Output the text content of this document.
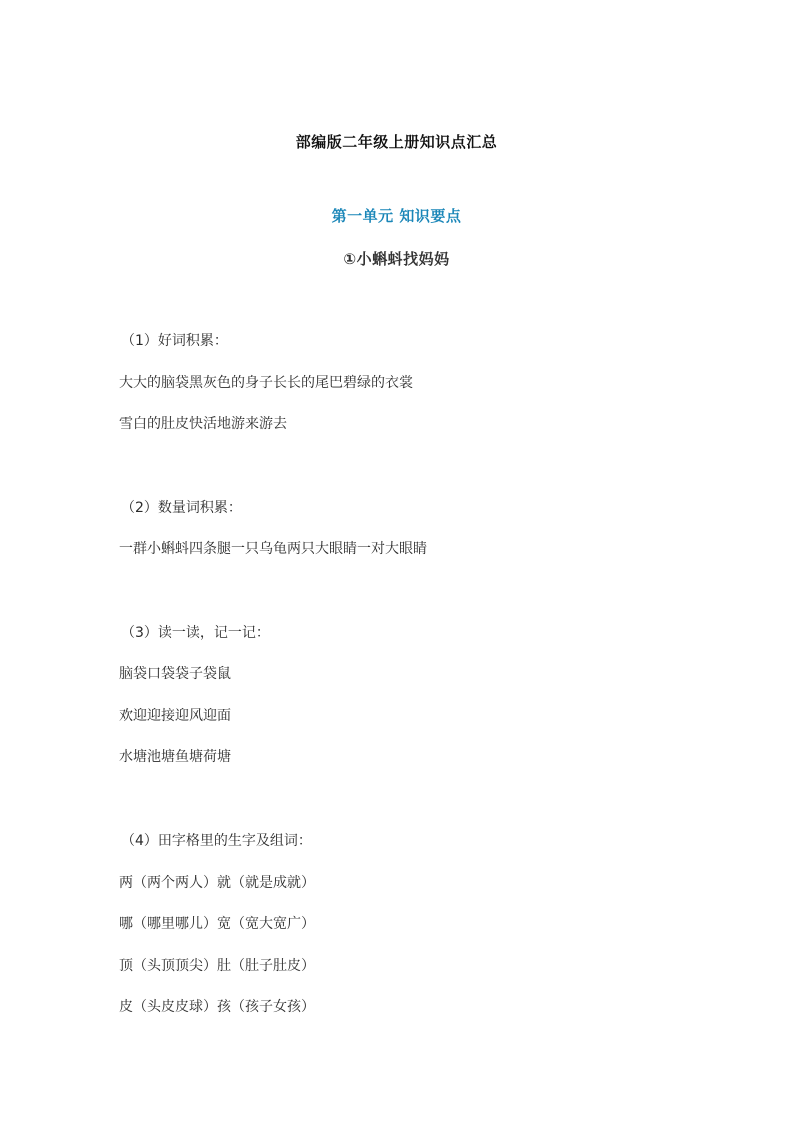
部编版二年级上册知识点汇总
第一单元 知识要点
①小蝌蚪找妈妈
（1）好词积累：
大大的脑袋黑灰色的身子长长的尾巴碧绿的衣裳
雪白的肚皮快活地游来游去
（2）数量词积累：
一群小蝌蚪四条腿一只乌龟两只大眼睛一对大眼睛
（3）读一读，记一记：
脑袋口袋袋子袋鼠
欢迎迎接迎风迎面
水塘池塘鱼塘荷塘
（4）田字格里的生字及组词：
两（两个两人）就（就是成就）
哪（哪里哪儿）宽（宽大宽广）
顶（头顶顶尖）肚（肚子肚皮）
皮（头皮皮球）孩（孩子女孩）
